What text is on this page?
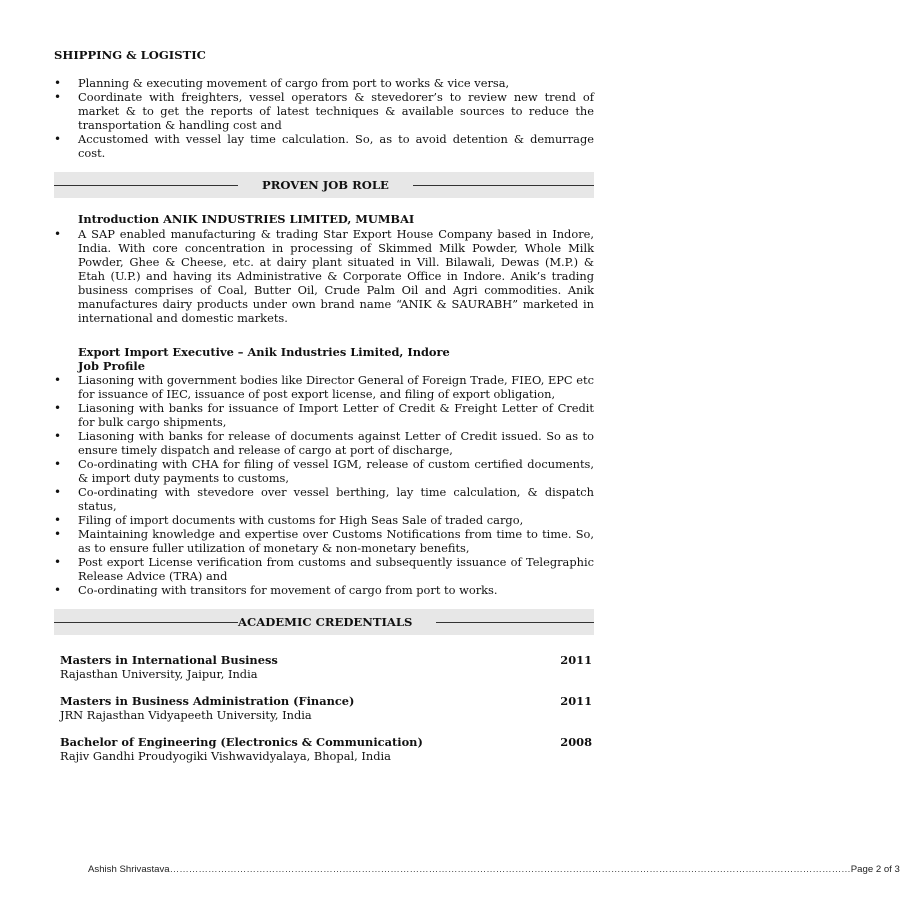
SHIPPING & LOGISTIC
• Planning & executing movement of cargo from port to works & vice versa,
• Coordinate with freighters, vessel operators & stevedorer’s to review new trend of market & to get the reports of latest techniques & available sources to reduce the transportation & handling cost and
• Accustomed with vessel lay time calculation. So, as to avoid detention & demurrage cost.
PROVEN JOB ROLE
Introduction ANIK INDUSTRIES LIMITED, MUMBAI
• A SAP enabled manufacturing & trading Star Export House Company based in Indore, India. With core concentration in processing of Skimmed Milk Powder, Whole Milk Powder, Ghee & Cheese, etc. at dairy plant situated in Vill. Bilawali, Dewas (M.P.) & Etah (U.P.) and having its Administrative & Corporate Office in Indore. Anik’s trading business comprises of Coal, Butter Oil, Crude Palm Oil and Agri commodities. Anik manufactures dairy products under own brand name “ANIK & SAURABH” marketed in international and domestic markets.
Export Import Executive – Anik Industries Limited, Indore
Job Profile
• Liasoning with government bodies like Director General of Foreign Trade, FIEO, EPC etc for issuance of IEC, issuance of post export license, and filing of export obligation,
• Liasoning with banks for issuance of Import Letter of Credit & Freight Letter of Credit for bulk cargo shipments,
• Liasoning with banks for release of documents against Letter of Credit issued. So as to ensure timely dispatch and release of cargo at port of discharge,
• Co-ordinating with CHA for filing of vessel IGM, release of custom certified documents, & import duty payments to customs,
• Co-ordinating with stevedore over vessel berthing, lay time calculation, & dispatch status,
• Filing of import documents with customs for High Seas Sale of traded cargo,
• Maintaining knowledge and expertise over Customs Notifications from time to time. So, as to ensure fuller utilization of monetary & non-monetary benefits,
• Post export License verification from customs and subsequently issuance of Telegraphic Release Advice (TRA) and
• Co-ordinating with transitors for movement of cargo from port to works.
ACADEMIC CREDENTIALS
Masters in International Business	2011
Rajasthan University, Jaipur, India
Masters in Business Administration (Finance)	2011
JRN Rajasthan Vidyapeeth University, India
Bachelor of Engineering (Electronics & Communication)	2008
Rajiv Gandhi Proudyogiki Vishwavidyalaya, Bhopal, India
Ashish Shrivastava …………………………………………………………………………………………………………………………………………………………………………………………… Page 2 of 3
